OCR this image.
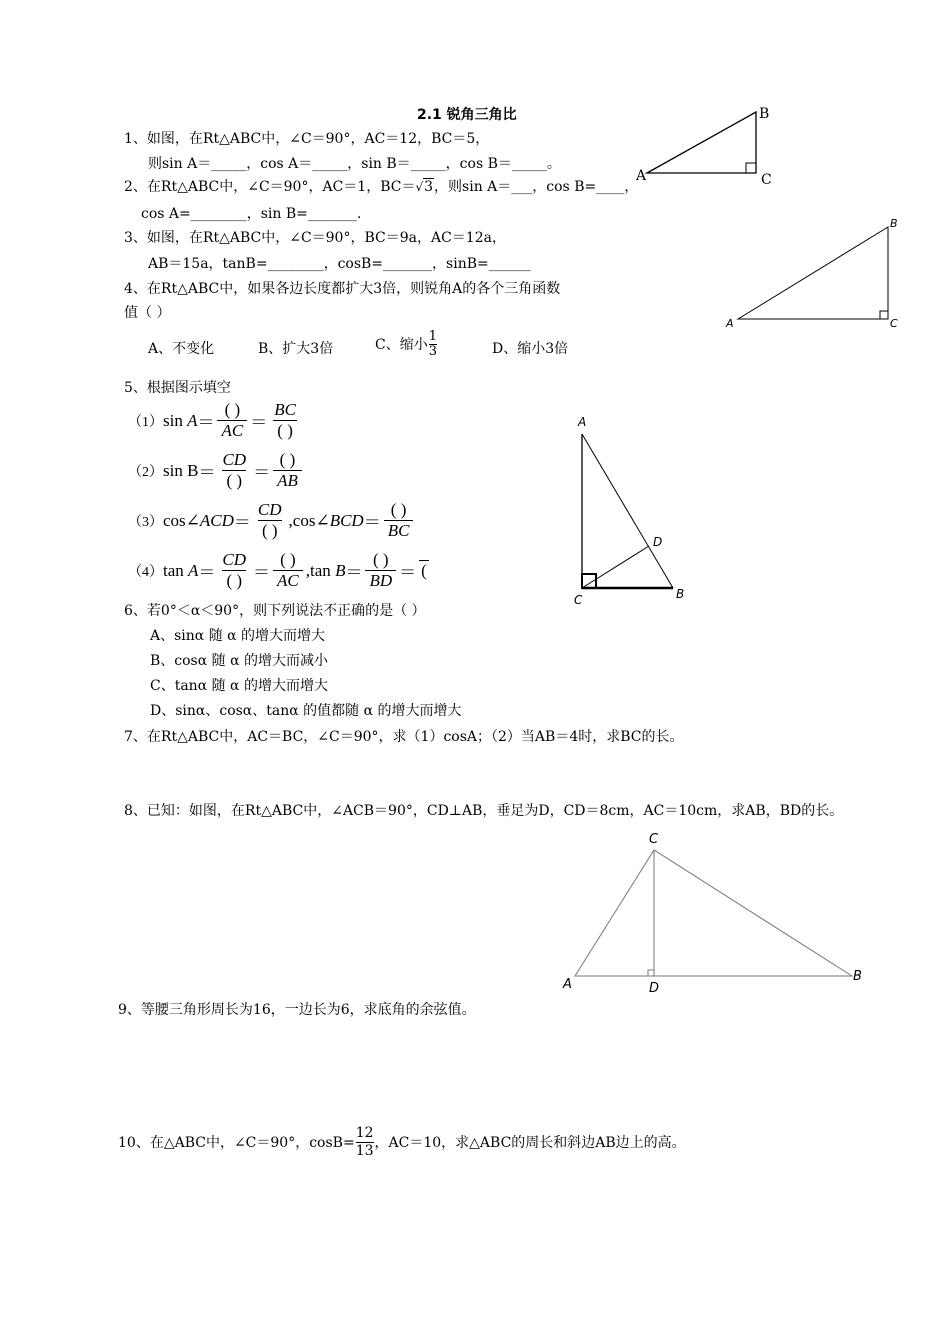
2.1 锐角三角比
1、如图，在Rt△ABC中，∠C＝90°，AC＝12，BC＝5，
则sin A＝_____，cos A＝_____，sin B＝_____，cos B＝_____。
2、在Rt△ABC中，∠C＝90°，AC＝1，BC＝√3，则sin A＝___，cos B=____，
cos A=________，sin B=_______.
3、如图，在Rt△ABC中，∠C＝90°，BC＝9a，AC＝12a，
AB＝15a，tanB=________，cosB=_______，sinB=______
4、在Rt△ABC中，如果各边长度都扩大3倍，则锐角A的各个三角函数
值（ ）
A、不变化	B、扩大3倍	C、缩小 $\frac{1}{3}$	D、缩小3倍
5、根据图示填空
（1） sin
$A = \frac{( )}{AC} = \frac{BC}{( )}$
（2） $\sin B = \frac{CD}{( )} = \frac{( )}{AB}$
（3） cos ∠ACD ＝ $\frac{CD}{( )}$ , cos ∠BCD ＝ $\frac{( )}{BC}$
（4） tan
$A = \frac{CD}{( )} = \frac{( )}{AC}$ , tan
$B = \frac{( )}{BD}$ ＝ (
6、若0°＜α＜90°，则下列说法不正确的是（ ）
A、sinα 随 α 的增大而增大
B、cosα 随 α 的增大而减小
C、tanα 随 α 的增大而增大
D、sinα、cosα、tanα 的值都随 α 的增大而增大
7、在Rt△ABC中，AC＝BC，∠C＝90°，求（1）cosA；（2）当AB＝4时，求BC的长。
8、已知：如图，在Rt△ABC中，∠ACB＝90°，CD⊥AB，垂足为D，CD＝8cm，AC＝10cm，求AB，BD的长。
9、等腰三角形周长为16，一边长为6，求底角的余弦值。
10、在△ABC中，∠C＝90°，$\cos B= \frac{12}{13}$ ，AC＝10，求△ABC的周长和斜边AB边上的高。
A
B
C
A
B
C
A
B
C
D
A
B
C
D
